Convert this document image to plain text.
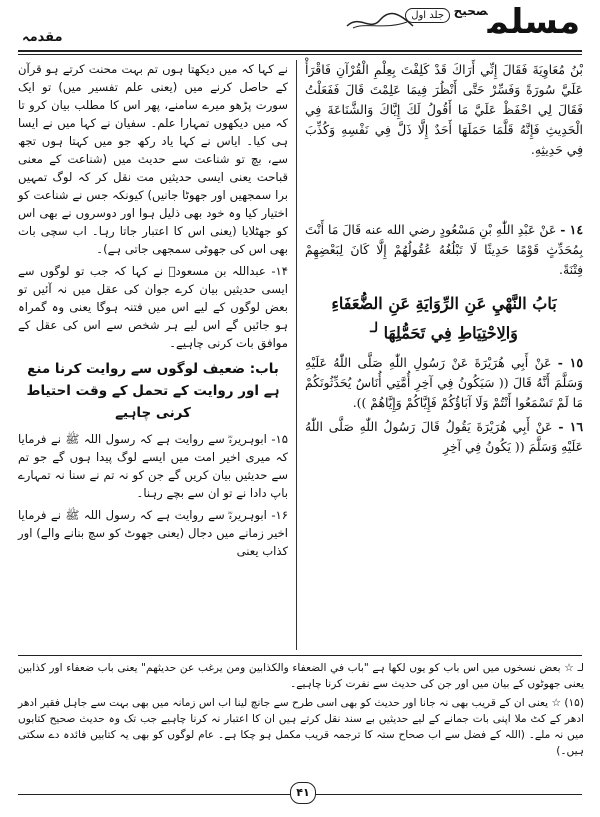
مقدمہ
جلد اول	مسلم$^{صحیح}$

بْنُ مُعَاوِيَةَ فَقَالَ إِنِّي أَرَاكَ قَدْ كَلِفْتَ بِعِلْمِ الْقُرْآنِ فَاقْرَأْ عَلَيَّ سُورَةً وَفَسِّرْ حَتَّى أَنْظُرَ فِيمَا عَلِمْتَ قَالَ فَفَعَلْتُ فَقَالَ لِي احْفَظْ عَلَيَّ مَا أَقُولُ لَكَ إِيَّاكَ وَالشَّنَاعَةَ فِي الْحَدِيثِ فَإِنَّهُ قَلَّمَا حَمَلَهَا أَحَدٌ إِلَّا ذَلَّ فِي نَفْسِهِ وَكُذِّبَ فِي حَدِيثِهِ.

١٤ - عَنْ عَبْدِ اللّٰهِ بْنِ مَسْعُودٍ رضي الله عنه قَالَ مَا أَنْتَ بِمُحَدِّثٍ قَوْمًا حَدِيثًا لَا تَبْلُغُهُ عُقُولُهُمْ إِلَّا كَانَ لِبَعْضِهِمْ فِتْنَةً.

بَابُ النَّهْيِ عَنِ الرِّوَايَةِ عَنِ الضُّعَفَاءِ وَالِاحْتِيَاطِ فِي تَحَمُّلِهَا $^{لـ}$

١٥ - عَنْ أَبِي هُرَيْرَةَ عَنْ رَسُولِ اللّٰهِ صَلَّى اللّٰهُ عَلَيْهِ وَسَلَّمَ أَنَّهُ قَالَ (( سَيَكُونُ فِي آخِرِ أُمَّتِي أُنَاسٌ يُحَدِّثُونَكُمْ مَا لَمْ تَسْمَعُوا أَنْتُمْ وَلَا آبَاؤُكُمْ فَإِيَّاكُمْ وَإِيَّاهُمْ )).

١٦ - عَنْ أَبِي هُرَيْرَةَ يَقُولُ قَالَ رَسُولُ اللّٰهِ صَلَّى اللّٰهُ عَلَيْهِ وَسَلَّمَ (( يَكُونُ فِي آخِرِ

نے کہا کہ میں دیکھتا ہوں تم بہت محنت کرتے ہو قرآن کے حاصل کرنے میں (یعنی علم تفسیر میں) تو ایک سورت پڑھو میرے سامنے، پھر اس کا مطلب بیان کرو تا کہ میں دیکھوں تمہارا علم۔ سفیان نے کہا میں نے ایسا ہی کیا۔ ایاس نے کہا یاد رکھ جو میں کہتا ہوں تجھ سے، بچ تو شناعت سے حدیث میں (شناعت کے معنی قباحت یعنی ایسی حدیثیں مت نقل کر کہ لوگ تمہیں برا سمجھیں اور جھوٹا جانیں) کیونکہ جس نے شناعت کو اختیار کیا وہ خود بھی ذلیل ہوا اور دوسروں نے بھی اس کو جھٹلایا (یعنی اس کا اعتبار جاتا رہا۔ اب سچی بات بھی اس کی جھوٹی سمجھی جاتی ہے)۔

۱۴- عبداللہ بن مسعودؓ نے کہا کہ جب تو لوگوں سے ایسی حدیثیں بیان کرے جوان کی عقل میں نہ آئیں تو بعض لوگوں کے لیے اس میں فتنہ ہوگا یعنی وہ گمراہ ہو جائیں گے اس لیے ہر شخص سے اس کی عقل کے موافق بات کرنی چاہیے۔

باب: ضعیف لوگوں سے روایت کرنا منع ہے اور روایت کے تحمل کے وقت احتیاط کرنی چاہیے

۱۵- ابوہریرہؓ سے روایت ہے کہ رسول اللہ ﷺ نے فرمایا کہ میری اخیر امت میں ایسے لوگ پیدا ہوں گے جو تم سے حدیثیں بیان کریں گے جن کو نہ تم نے سنا نہ تمہارے باپ دادا نے تو ان سے بچے رہنا۔

۱۶- ابوہریرہؓ سے روایت ہے کہ رسول اللہ ﷺ نے فرمایا اخیر زمانے میں دجال (یعنی جھوٹ کو سچ بنانے والے) اور کذاب یعنی

لـ ☆ بعض نسخوں میں اس باب کو یوں لکھا ہے "باب في الضعفاء والكذابين ومن يرغب عن حديثهم" یعنی باب ضعفاء اور کذابین یعنی جھوٹوں کے بیان میں اور جن کی حدیث سے نفرت کرنا چاہیے۔

(۱۵) ☆ یعنی ان کے قریب بھی نہ جانا اور حدیث کو بھی اسی طرح سے جانچ لینا اب اس زمانہ میں بھی بہت سے جاہل فقیر ادھر ادھر کے کٹ ملا اپنی بات جمانے کے لیے حدیثیں بے سند نقل کرتے ہیں ان کا اعتبار نہ کرنا چاہیے جب تک وہ حدیث صحیح کتابوں میں نہ ملے۔ (اللہ کے فضل سے اب صحاح ستہ کا ترجمہ قریب مکمل ہو چکا ہے۔ عام لوگوں کو بھی یہ کتابیں فائدہ دے سکتی ہیں۔)

۴۱
